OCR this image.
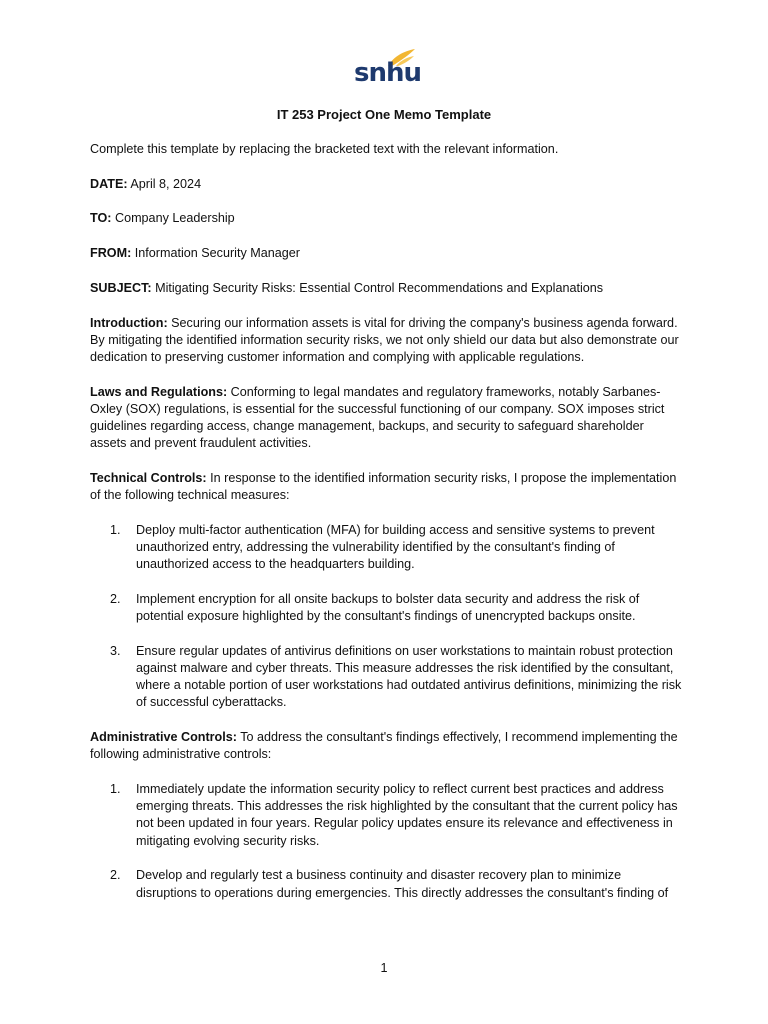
snhu
IT 253 Project One Memo Template

Complete this template by replacing the bracketed text with the relevant information.

DATE: April 8, 2024

TO: Company Leadership

FROM: Information Security Manager

SUBJECT: Mitigating Security Risks: Essential Control Recommendations and Explanations

Introduction: Securing our information assets is vital for driving the company's business agenda forward. By mitigating the identified information security risks, we not only shield our data but also demonstrate our dedication to preserving customer information and complying with applicable regulations.

Laws and Regulations: Conforming to legal mandates and regulatory frameworks, notably Sarbanes-Oxley (SOX) regulations, is essential for the successful functioning of our company. SOX imposes strict guidelines regarding access, change management, backups, and security to safeguard shareholder assets and prevent fraudulent activities.

Technical Controls: In response to the identified information security risks, I propose the implementation of the following technical measures:

1. Deploy multi-factor authentication (MFA) for building access and sensitive systems to prevent unauthorized entry, addressing the vulnerability identified by the consultant's finding of unauthorized access to the headquarters building.
2. Implement encryption for all onsite backups to bolster data security and address the risk of potential exposure highlighted by the consultant's findings of unencrypted backups onsite.
3. Ensure regular updates of antivirus definitions on user workstations to maintain robust protection against malware and cyber threats. This measure addresses the risk identified by the consultant, where a notable portion of user workstations had outdated antivirus definitions, minimizing the risk of successful cyberattacks.

Administrative Controls: To address the consultant's findings effectively, I recommend implementing the following administrative controls:

1. Immediately update the information security policy to reflect current best practices and address emerging threats. This addresses the risk highlighted by the consultant that the current policy has not been updated in four years. Regular policy updates ensure its relevance and effectiveness in mitigating evolving security risks.
2. Develop and regularly test a business continuity and disaster recovery plan to minimize disruptions to operations during emergencies. This directly addresses the consultant's finding of
1
